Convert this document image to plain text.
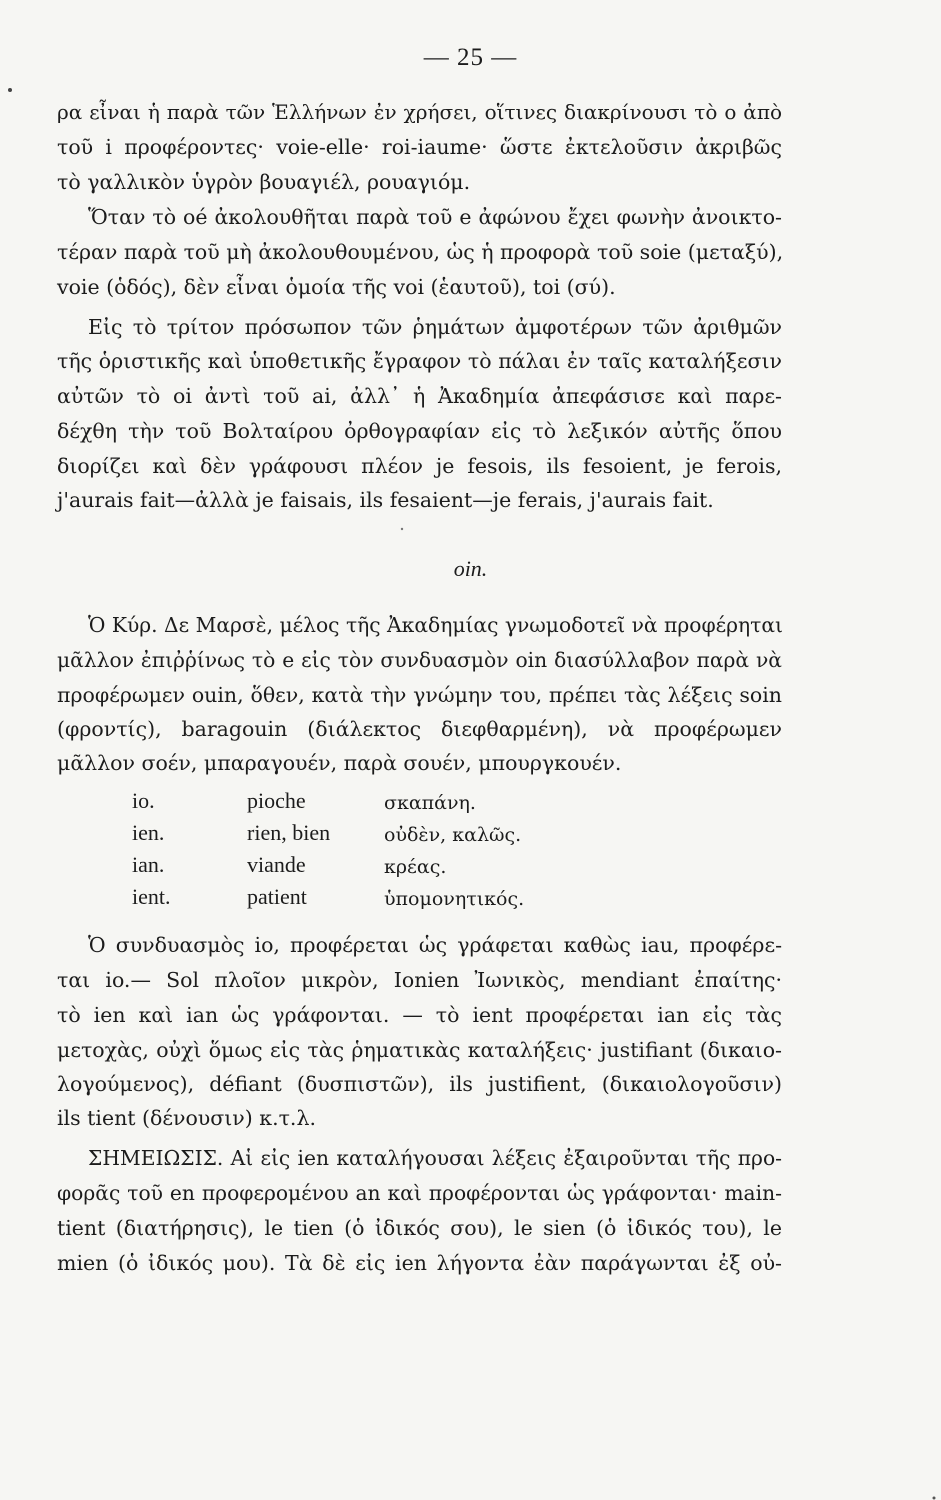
— 25 —
ρα εἶναι ἡ παρὰ τῶν Ἑλλήνων ἐν χρήσει, οἵτινες διακρίνουσι τὸ ο ἀπὸ
τοῦ i προφέροντες· voie-elle· roi-iaume· ὥστε ἐκτελοῦσιν ἀκριβῶς
τὸ γαλλικὸν ὑγρὸν βουαγιέλ, ρουαγιόμ.
Ὅταν τὸ oé ἀκολουθῆται παρὰ τοῦ e ἀφώνου ἔχει φωνὴν ἀνοικτο-
τέραν παρὰ τοῦ μὴ ἀκολουθουμένου, ὡς ἡ προφορὰ τοῦ soie (μεταξύ),
voie (ὁδός), δὲν εἶναι ὁμοία τῆς voi (ἑαυτοῦ), toi (σύ).
Εἰς τὸ τρίτον πρόσωπον τῶν ῥημάτων ἀμφοτέρων τῶν ἀριθμῶν
τῆς ὁριστικῆς καὶ ὑποθετικῆς ἔγραφον τὸ πάλαι ἐν ταῖς καταλήξεσιν
αὐτῶν τὸ oi ἀντὶ τοῦ ai, ἀλλ᾽ ἡ Ἀκαδημία ἀπεφάσισε καὶ παρε-
δέχθη τὴν τοῦ Βολταίρου ὀρθογραφίαν εἰς τὸ λεξικόν αὐτῆς ὅπου
διορίζει καὶ δὲν γράφουσι πλέον je fesois, ils fesoient, je ferois,
j'aurais fait—ἀλλὰ je faisais, ils fesaient—je ferais, j'aurais fait.
oin.
Ὁ Κύρ. Δε Μαρσὲ, μέλος τῆς Ἀκαδημίας γνωμοδοτεῖ νὰ προφέρηται
μᾶλλον ἐπιῤῥίνως τὸ e εἰς τὸν συνδυασμὸν oin διασύλλαβον παρὰ νὰ
προφέρωμεν ouin, ὅθεν, κατὰ τὴν γνώμην του, πρέπει τὰς λέξεις soin
(φροντίς), baragouin (διάλεκτος διεφθαρμένη), νὰ προφέρωμεν
μᾶλλον σοέν, μπαραγουέν, παρὰ σουέν, μπουργκουέν.
io.	pioche	σκαπάνη.
ien.	rien, bien	οὐδὲν, καλῶς.
ian.	viande	κρέας.
ient.	patient	ὑπομονητικός.
Ὁ συνδυασμὸς io, προφέρεται ὡς γράφεται καθὼς iau, προφέρε-
ται io.— Sol πλοῖον μικρὸν, Ionien Ἰωνικὸς, mendiant ἐπαίτης·
τὸ ien καὶ ian ὡς γράφονται. — τὸ ient προφέρεται ian εἰς τὰς
μετοχὰς, οὐχὶ ὅμως εἰς τὰς ῥηματικὰς καταλήξεις· justifiant (δικαιο-
λογούμενος), défiant (δυσπιστῶν), ils justifient, (δικαιολογοῦσιν)
ils tient (δένουσιν) κ.τ.λ.
ΣΗΜΕΙΩΣΙΣ. Αἱ εἰς ien καταλήγουσαι λέξεις ἐξαιροῦνται τῆς προ-
φορᾶς τοῦ en προφερομένου an καὶ προφέρονται ὡς γράφονται· main-
tient (διατήρησις), le tien (ὁ ἰδικός σου), le sien (ὁ ἰδικός του), le
mien (ὁ ἰδικός μου). Τὰ δὲ εἰς ien λήγοντα ἐὰν παράγωνται ἐξ οὐ-
